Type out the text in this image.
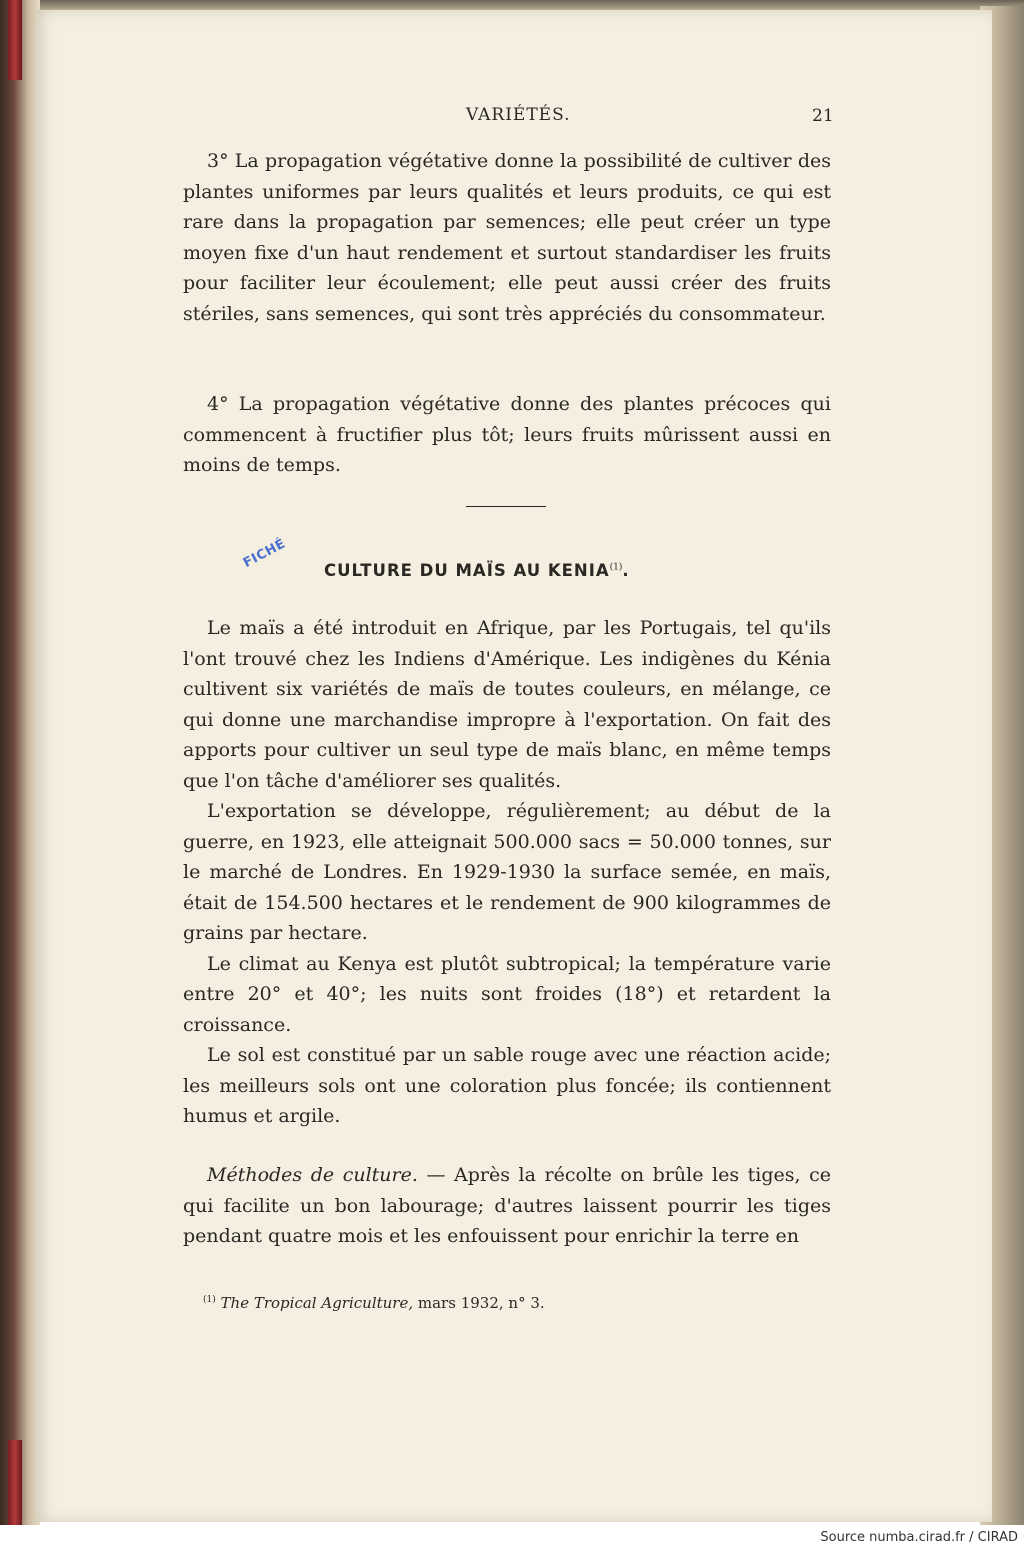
VARIÉTÉS.	21

3° La propagation végétative donne la possibilité de cultiver des plantes uniformes par leurs qualités et leurs produits, ce qui est rare dans la propagation par semences; elle peut créer un type moyen fixe d'un haut rendement et surtout standardiser les fruits pour faciliter leur écoulement; elle peut aussi créer des fruits stériles, sans semences, qui sont très appréciés du consommateur.

4° La propagation végétative donne des plantes précoces qui commencent à fructifier plus tôt; leurs fruits mûrissent aussi en moins de temps.

FICHÉ CULTURE DU MAÏS AU KENIA$^{(1)}$.

Le maïs a été introduit en Afrique, par les Portugais, tel qu'ils l'ont trouvé chez les Indiens d'Amérique. Les indigènes du Kénia cultivent six variétés de maïs de toutes couleurs, en mélange, ce qui donne une marchandise impropre à l'exportation. On fait des apports pour cultiver un seul type de maïs blanc, en même temps que l'on tâche d'améliorer ses qualités.

L'exportation se développe, régulièrement; au début de la guerre, en 1923, elle atteignait 500.000 sacs = 50.000 tonnes, sur le marché de Londres. En 1929-1930 la surface semée, en maïs, était de 154.500 hectares et le rendement de 900 kilogrammes de grains par hectare.

Le climat au Kenya est plutôt subtropical; la température varie entre 20° et 40°; les nuits sont froides (18°) et retardent la croissance.

Le sol est constitué par un sable rouge avec une réaction acide; les meilleurs sols ont une coloration plus foncée; ils contiennent humus et argile.

Méthodes de culture. — Après la récolte on brûle les tiges, ce qui facilite un bon labourage; d'autres laissent pourrir les tiges pendant quatre mois et les enfouissent pour enrichir la terre en

$^{(1)}$ The Tropical Agriculture, mars 1932, n° 3.
Source numba.cirad.fr / CIRAD
